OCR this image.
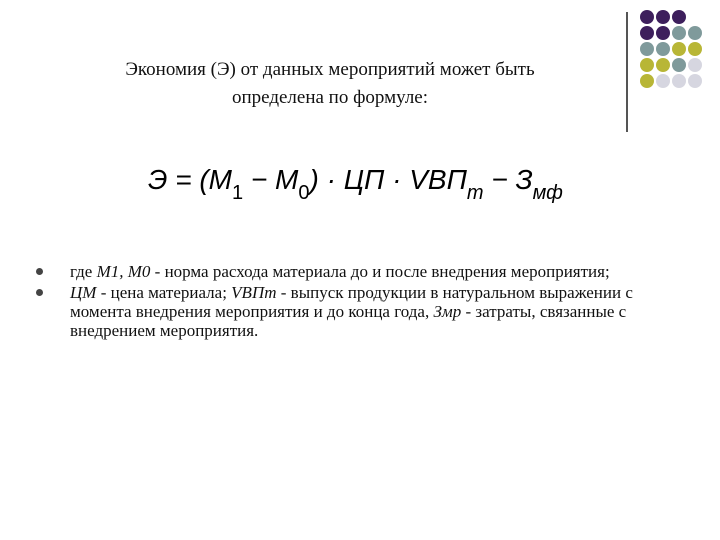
Экономия (Э) от данных мероприятий может быть
определена по формуле:
$Э = (M_1 - M_0)$ · ЦП · $VВП_т - З_{мф}$
где М1, М0 - норма расхода материала до и после внедрения мероприятия;
ЦМ - цена материала; VВПт - выпуск продукции в натуральном выражении с момента внедрения мероприятия и до конца года, Змр - затраты, связанные с внедрением мероприятия.
